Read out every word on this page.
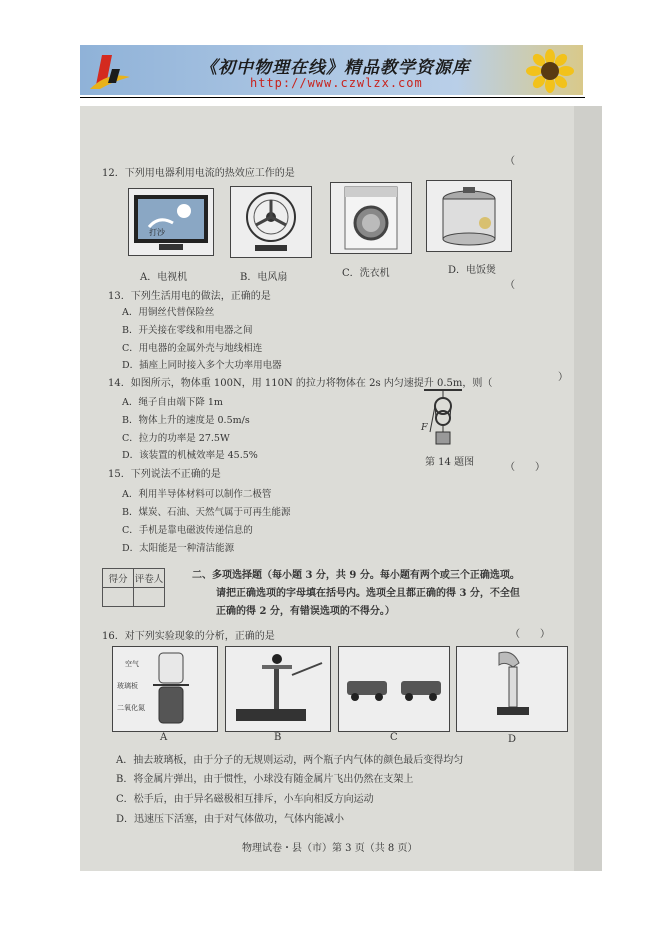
《初中物理在线》精品教学资源库
http://www.czwlzx.com
12．下列用电器利用电流的热效应工作的是
（
打沙
A．电视机	B．电风扇	C．洗衣机	D．电饭煲
13．下列生活用电的做法，正确的是
（
A．用铜丝代替保险丝
B．开关接在零线和用电器之间
C．用电器的金属外壳与地线相连
D．插座上同时接入多个大功率用电器
14．如图所示，物体重 100N，用 110N 的拉力将物体在 2s 内匀速提升 0.5m，则（
）
A．绳子自由端下降 1m
B．物体上升的速度是 0.5m/s
C．拉力的功率是 27.5W
D．该装置的机械效率是 45.5%
F
第 14 题图
15．下列说法不正确的是
（　　）
A．利用半导体材料可以制作二极管
B．煤炭、石油、天然气属于可再生能源
C．手机是靠电磁波传递信息的
D．太阳能是一种清洁能源
得分	评卷人
		二、多项选择题（每小题 3 分，共 9 分。每小题有两个或三个正确选项。
请把正确选项的字母填在括号内。选项全且都正确的得 3 分，不全但
正确的得 2 分，有错误选项的不得分。）
16．对下列实验现象的分析，正确的是	（　　）
空气
玻璃板
二氧化氮
A	B	C	D
A．抽去玻璃板，由于分子的无规则运动，两个瓶子内气体的颜色最后变得均匀
B．将金属片弹出，由于惯性，小球没有随金属片飞出仍然在支架上
C．松手后，由于异名磁极相互排斥，小车向相反方向运动
D．迅速压下活塞，由于对气体做功，气体内能减小
物理试卷・县（市）第 3 页（共 8 页）
